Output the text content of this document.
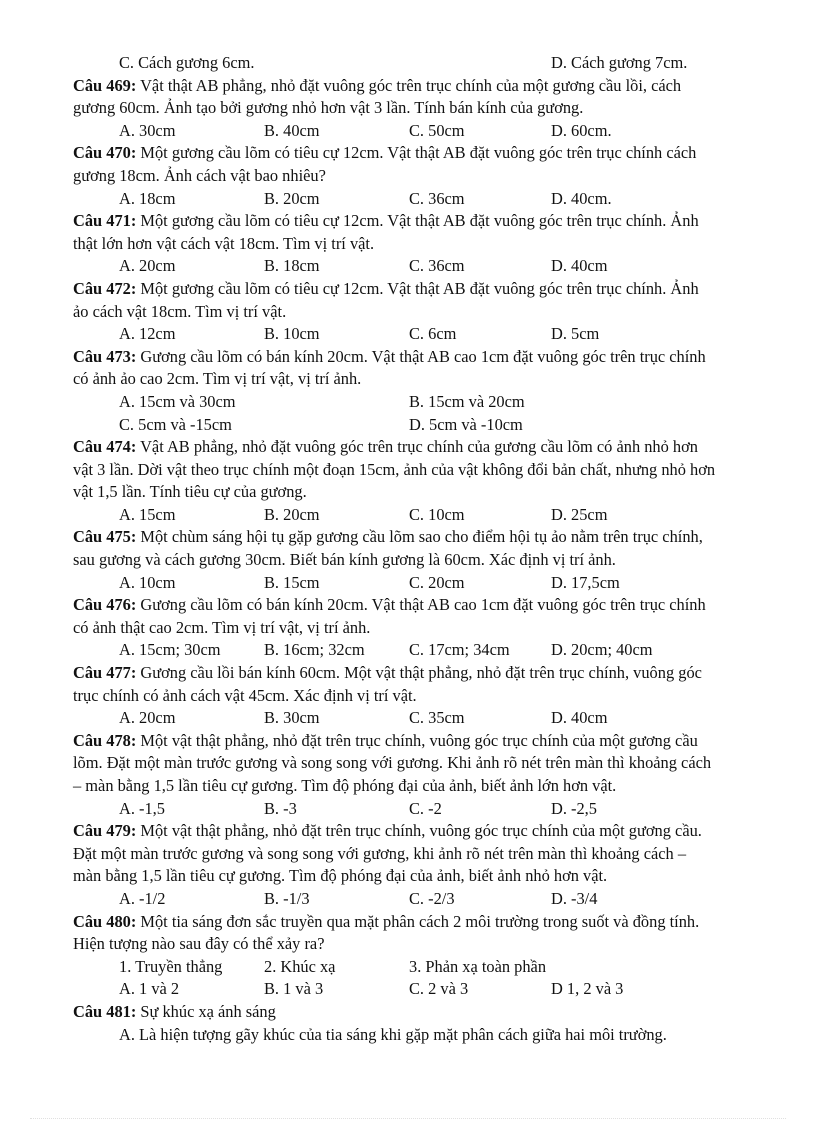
C. Cách gương 6cm.	D. Cách gương 7cm.
Câu 469: Vật thật AB phẳng, nhỏ đặt vuông góc trên trục chính của một gương cầu lồi, cách
gương 60cm. Ảnh tạo bởi gương nhỏ hơn vật 3 lần. Tính bán kính của gương.
A. 30cm	B. 40cm	C. 50cm	D. 60cm.
Câu 470: Một gương cầu lõm có tiêu cự 12cm. Vật thật AB đặt vuông góc trên trục chính cách
gương 18cm. Ảnh cách vật bao nhiêu?
A. 18cm	B. 20cm	C. 36cm	D. 40cm.
Câu 471: Một gương cầu lõm có tiêu cự 12cm. Vật thật AB đặt vuông góc trên trục chính. Ảnh
thật lớn hơn vật cách vật 18cm. Tìm vị trí vật.
A. 20cm	B. 18cm	C. 36cm	D. 40cm
Câu 472: Một gương cầu lõm có tiêu cự 12cm. Vật thật AB đặt vuông góc trên trục chính. Ảnh
ảo cách vật 18cm. Tìm vị trí vật.
A. 12cm	B. 10cm	C. 6cm	D. 5cm
Câu 473: Gương cầu lõm có bán kính 20cm. Vật thật AB cao 1cm đặt vuông góc trên trục chính
có ảnh ảo cao 2cm. Tìm vị trí vật, vị trí ảnh.
A. 15cm và 30cm	B. 15cm và 20cm
C. 5cm và -15cm	D. 5cm và -10cm
Câu 474: Vật AB phẳng, nhỏ đặt vuông góc trên trục chính của gương cầu lõm có ảnh nhỏ hơn
vật 3 lần. Dời vật theo trục chính một đoạn 15cm, ảnh của vật không đổi bản chất, nhưng nhỏ hơn
vật 1,5 lần. Tính tiêu cự của gương.
A. 15cm	B. 20cm	C. 10cm	D. 25cm
Câu 475: Một chùm sáng hội tụ gặp gương cầu lõm sao cho điểm hội tụ ảo nằm trên trục chính,
sau gương và cách gương 30cm. Biết bán kính gương là 60cm. Xác định vị trí ảnh.
A. 10cm	B. 15cm	C. 20cm	D. 17,5cm
Câu 476: Gương cầu lõm có bán kính 20cm. Vật thật AB cao 1cm đặt vuông góc trên trục chính
có ảnh thật cao 2cm. Tìm vị trí vật, vị trí ảnh.
A. 15cm; 30cm	B. 16cm; 32cm	C. 17cm; 34cm	D. 20cm; 40cm
Câu 477: Gương cầu lồi bán kính 60cm. Một vật thật phẳng, nhỏ đặt trên trục chính, vuông góc
trục chính có ảnh cách vật 45cm. Xác định vị trí vật.
A. 20cm	B. 30cm	C. 35cm	D. 40cm
Câu 478: Một vật thật phẳng, nhỏ đặt trên trục chính, vuông góc trục chính của một gương cầu
lõm. Đặt một màn trước gương và song song với gương. Khi ảnh rõ nét trên màn thì khoảng cách
– màn bằng 1,5 lần tiêu cự gương. Tìm độ phóng đại của ảnh, biết ảnh lớn hơn vật.
A. -1,5	B. -3	C. -2	D. -2,5
Câu 479: Một vật thật phẳng, nhỏ đặt trên trục chính, vuông góc trục chính của một gương cầu.
Đặt một màn trước gương và song song với gương, khi ảnh rõ nét trên màn thì khoảng cách –
màn bằng 1,5 lần tiêu cự gương. Tìm độ phóng đại của ảnh, biết ảnh nhỏ hơn vật.
A. -1/2	B. -1/3	C. -2/3	D. -3/4
Câu 480: Một tia sáng đơn sắc truyền qua mặt phân cách 2 môi trường trong suốt và đồng tính.
Hiện tượng nào sau đây có thể xảy ra?
1. Truyền thẳng	2. Khúc xạ	3. Phản xạ toàn phần
A. 1 và 2	B. 1 và 3	C. 2 và 3	D 1, 2 và 3
Câu 481: Sự khúc xạ ánh sáng
A. Là hiện tượng gãy khúc của tia sáng khi gặp mặt phân cách giữa hai môi trường.
